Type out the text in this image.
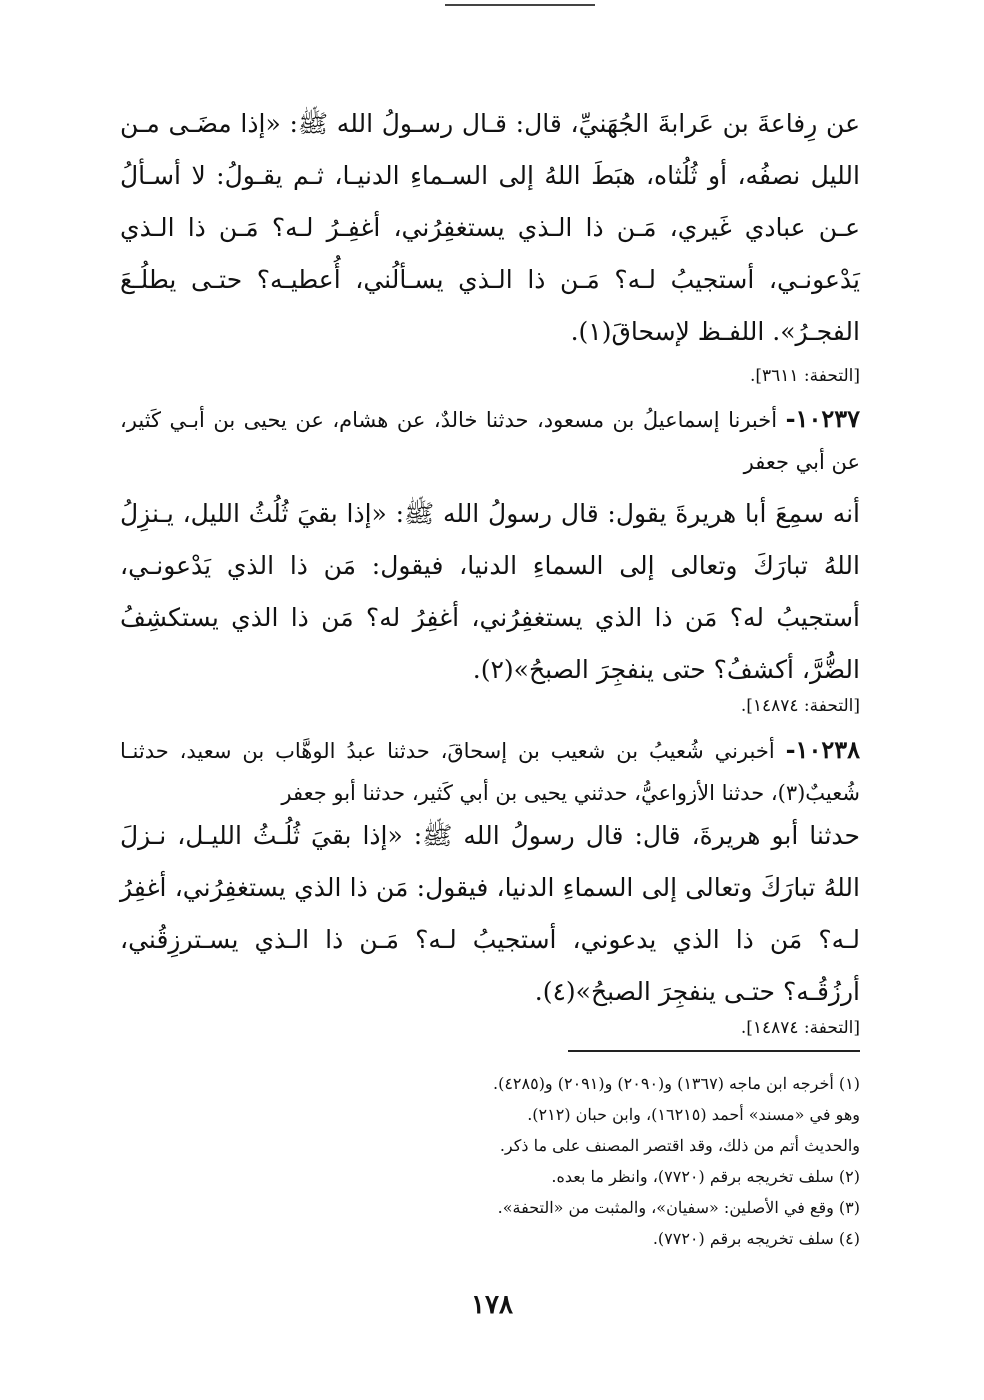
عن رِفاعةَ بن عَرابةَ الجُهَنيِّ، قال: قـال رسـولُ الله ﷺ: «إذا مضَـى مـن الليل نصفُه، أو ثُلُثاه، هبَطَ اللهُ إلى السـماءِ الدنيـا، ثـم يقـولُ: لا أسـألُ عـن عبادي غَيري، مَـن ذا الـذي يستغفِرُني، أغفِـرُ لـه؟ مَـن ذا الـذي يَدْعونـي، أستجيبُ لـه؟ مَـن ذا الـذي يسـألُني، أُعطيـه؟ حتـى يطلُـعَ الفجـرُ». اللفـظ لإسحاقَ(١).
[التحفة: ٣٦١١].
١٠٢٣٧- أخبرنا إسماعيلُ بن مسعود، حدثنا خالدٌ، عن هشام، عن يحيى بن أبـي كَثير، عن أبي جعفر
أنه سمِعَ أبا هريرةَ يقول: قال رسولُ الله ﷺ: «إذا بقيَ ثُلُثُ الليل، يـنزِلُ اللهُ تبارَكَ وتعالى إلى السماءِ الدنيا، فيقول: مَن ذا الذي يَدْعونـي، أستجيبُ له؟ مَن ذا الذي يستغفِرُني، أغفِرُ له؟ مَن ذا الذي يستكشِفُ الضُّرَّ، أكشفُ؟ حتى ينفجِرَ الصبحُ»(٢).
[التحفة: ١٤٨٧٤].
١٠٢٣٨- أخبرني شُعيبُ بن شعيب بن إسحاقَ، حدثنا عبدُ الوهَّاب بن سعيد، حدثنـا شُعيبٌ(٣)، حدثنا الأزواعيُّ، حدثني يحيى بن أبي كَثير، حدثنا أبو جعفر
حدثنا أبو هريرةَ، قال: قال رسولُ الله ﷺ: «إذا بقيَ ثُلُـثُ الليـل، نـزلَ اللهُ تبارَكَ وتعالى إلى السماءِ الدنيا، فيقول: مَن ذا الذي يستغفِرُني، أغفِرُ لـه؟ مَن ذا الذي يدعوني، أستجيبُ لـه؟ مَـن ذا الـذي يسـترزِقُني، أرزُقُـه؟ حتـى ينفجِرَ الصبحُ»(٤).
[التحفة: ١٤٨٧٤].
(١) أخرجه ابن ماجه (١٣٦٧) و(٢٠٩٠) و(٢٠٩١) و(٤٢٨٥).
وهو في «مسند» أحمد (١٦٢١٥)، وابن حبان (٢١٢).
والحديث أتم من ذلك، وقد اقتصر المصنف على ما ذكر.
(٢) سلف تخريجه برقم (٧٧٢٠)، وانظر ما بعده.
(٣) وقع في الأصلين: «سفيان»، والمثبت من «التحفة».
(٤) سلف تخريجه برقم (٧٧٢٠).
١٧٨
